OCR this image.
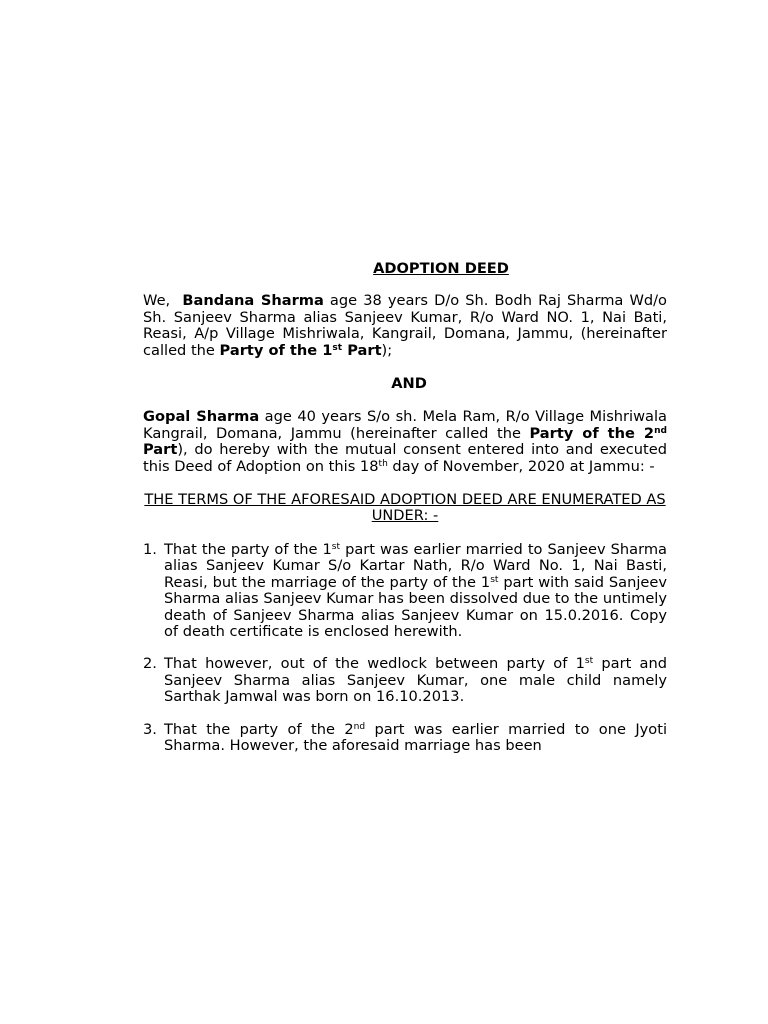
ADOPTION DEED

We, Bandana Sharma age 38 years D/o Sh. Bodh Raj Sharma Wd/o Sh. Sanjeev Sharma alias Sanjeev Kumar, R/o Ward NO. 1, Nai Bati, Reasi, A/p Village Mishriwala, Kangrail, Domana, Jammu, (hereinafter called the Party of the 1st Part);

AND

Gopal Sharma age 40 years S/o sh. Mela Ram, R/o Village Mishriwala Kangrail, Domana, Jammu (hereinafter called the Party of the 2nd Part), do hereby with the mutual consent entered into and executed this Deed of Adoption on this 18th day of November, 2020 at Jammu: -

THE TERMS OF THE AFORESAID ADOPTION DEED ARE ENUMERATED AS UNDER: -
1. That the party of the 1st part was earlier married to Sanjeev Sharma alias Sanjeev Kumar S/o Kartar Nath, R/o Ward No. 1, Nai Basti, Reasi, but the marriage of the party of the 1st part with said Sanjeev Sharma alias Sanjeev Kumar has been dissolved due to the untimely death of Sanjeev Sharma alias Sanjeev Kumar on 15.0.2016. Copy of death certificate is enclosed herewith.
2. That however, out of the wedlock between party of 1st part and Sanjeev Sharma alias Sanjeev Kumar, one male child namely Sarthak Jamwal was born on 16.10.2013.
3. That the party of the 2nd part was earlier married to one Jyoti Sharma. However, the aforesaid marriage has been
